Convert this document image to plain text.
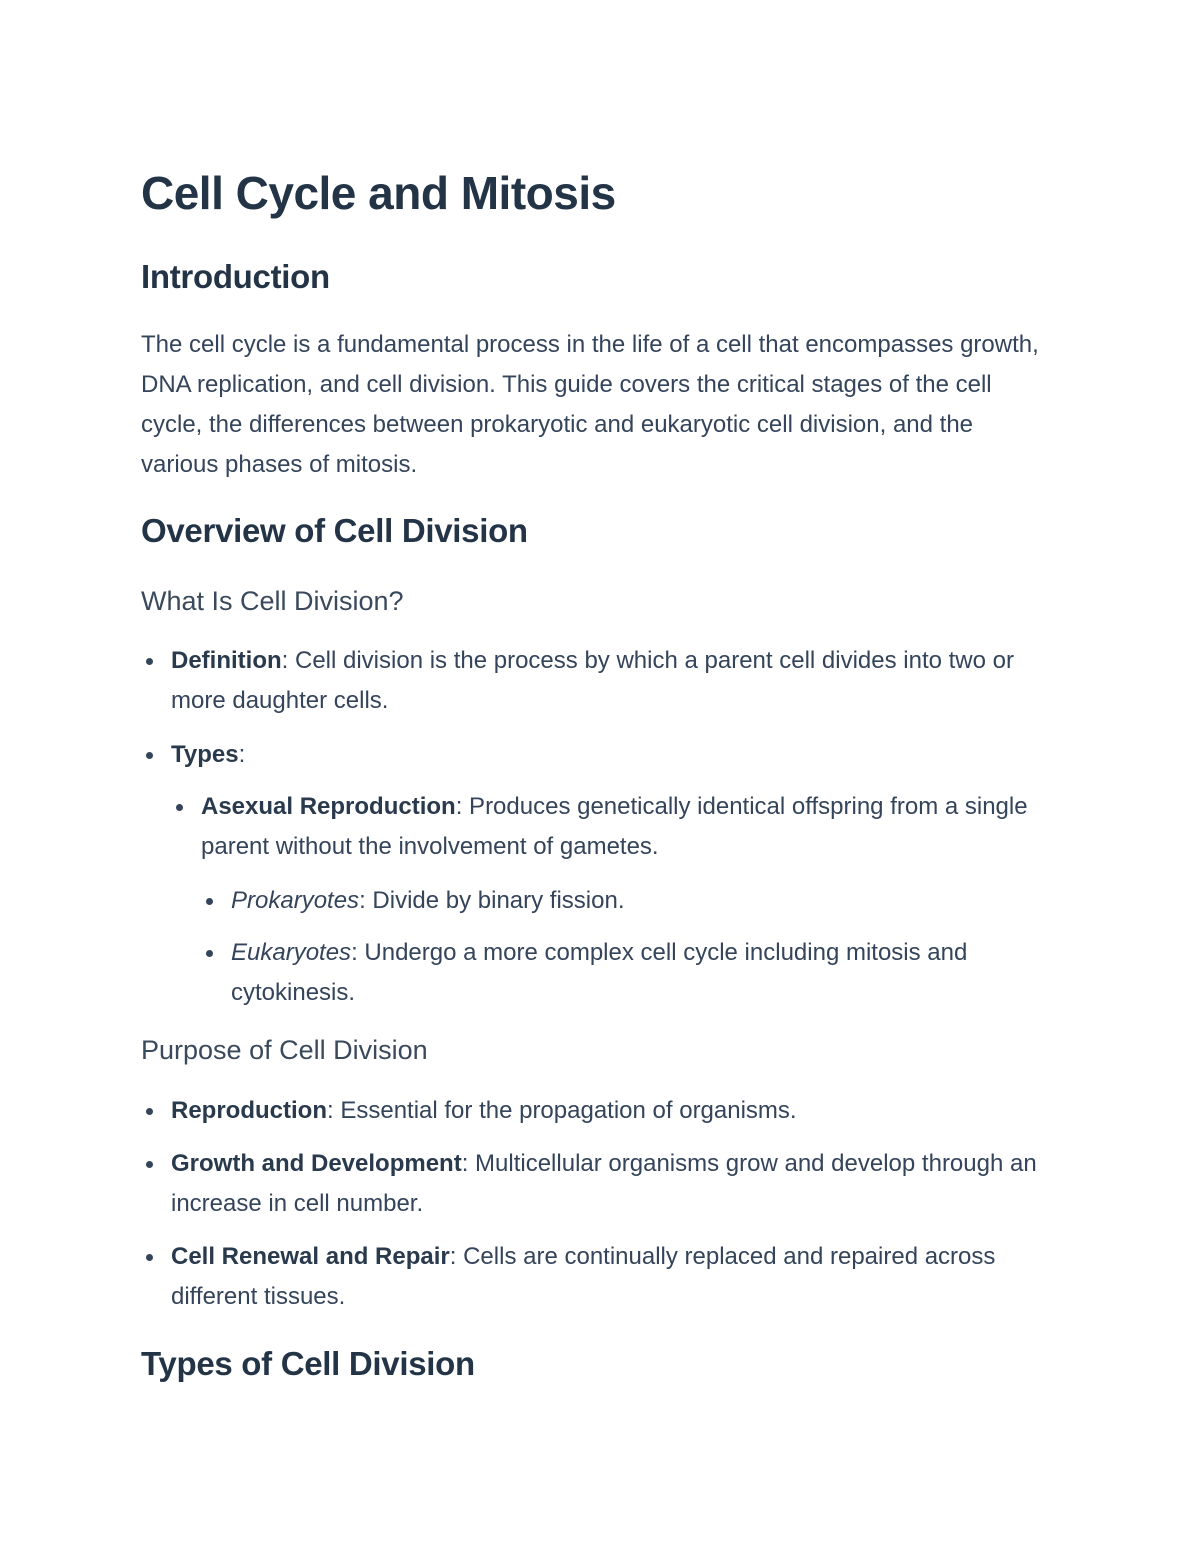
Cell Cycle and Mitosis
Introduction

The cell cycle is a fundamental process in the life of a cell that encompasses growth, DNA replication, and cell division. This guide covers the critical stages of the cell cycle, the differences between prokaryotic and eukaryotic cell division, and the various phases of mitosis.

Overview of Cell Division
What Is Cell Division?
Definition: Cell division is the process by which a parent cell divides into two or more daughter cells.
Types:
Asexual Reproduction: Produces genetically identical offspring from a single parent without the involvement of gametes.
Prokaryotes: Divide by binary fission.
Eukaryotes: Undergo a more complex cell cycle including mitosis and cytokinesis.
Purpose of Cell Division
Reproduction: Essential for the propagation of organisms.
Growth and Development: Multicellular organisms grow and develop through an increase in cell number.
Cell Renewal and Repair: Cells are continually replaced and repaired across different tissues.
Types of Cell Division
